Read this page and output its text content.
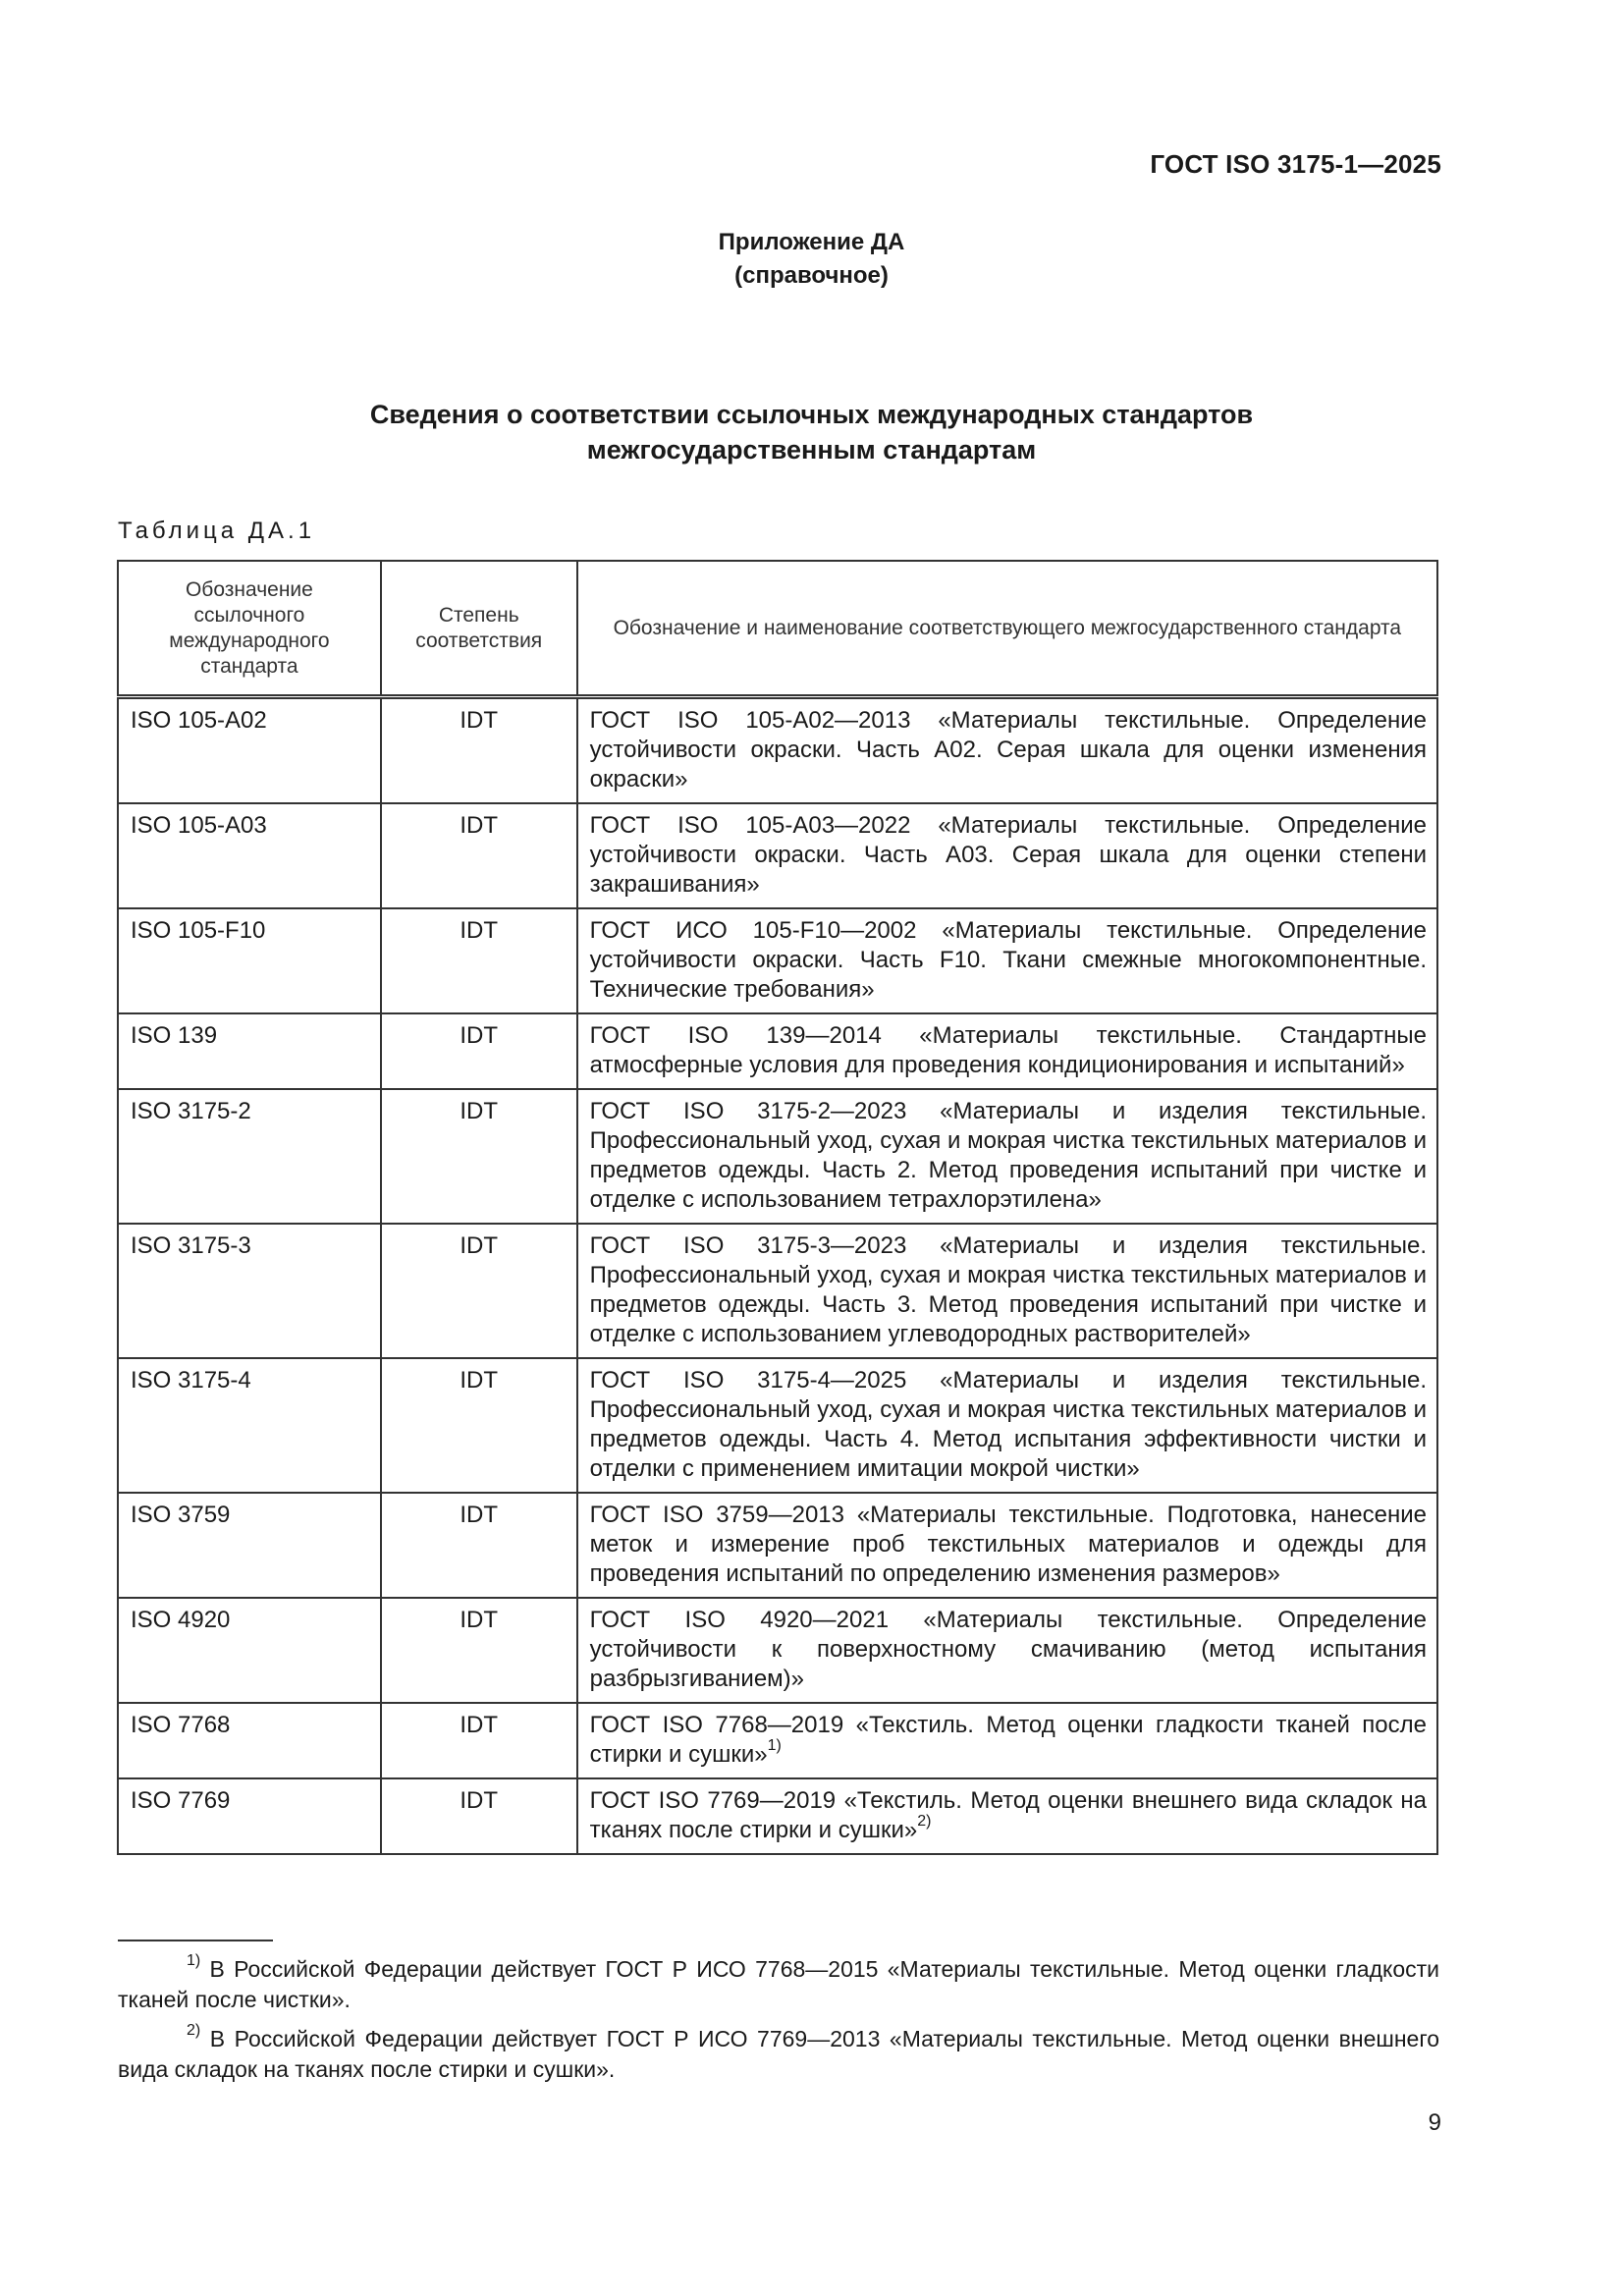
ГОСТ ISO 3175-1—2025
Приложение ДА
(справочное)
Сведения о соответствии ссылочных международных стандартов
межгосударственным стандартам
Таблица ДА.1
Обозначение ссылочного международного стандарта	Степень соответствия	Обозначение и наименование соответствующего межгосударственного стандарта

ISO 105-A02	IDT	ГОСТ ISO 105-A02—2013 «Материалы текстильные. Определение устойчивости окраски. Часть А02. Серая шкала для оценки изменения окраски»

ISO 105-A03	IDT	ГОСТ ISO 105-A03—2022 «Материалы текстильные. Определение устойчивости окраски. Часть А03. Серая шкала для оценки степени закрашивания»

ISO 105-F10	IDT	ГОСТ ИСО 105-F10—2002 «Материалы текстильные. Определение устойчивости окраски. Часть F10. Ткани смежные многокомпонентные. Технические требования»

ISO 139	IDT	ГОСТ ISO 139—2014 «Материалы текстильные. Стандартные атмосферные условия для проведения кондиционирования и испытаний»

ISO 3175-2	IDT	ГОСТ ISO 3175-2—2023 «Материалы и изделия текстильные. Профессиональный уход, сухая и мокрая чистка текстильных материалов и предметов одежды. Часть 2. Метод проведения испытаний при чистке и отделке с использованием тетрахлорэтилена»

ISO 3175-3	IDT	ГОСТ ISO 3175-3—2023 «Материалы и изделия текстильные. Профессиональный уход, сухая и мокрая чистка текстильных материалов и предметов одежды. Часть 3. Метод проведения испытаний при чистке и отделке с использованием углеводородных растворителей»

ISO 3175-4	IDT	ГОСТ ISO 3175-4—2025 «Материалы и изделия текстильные. Профессиональный уход, сухая и мокрая чистка текстильных материалов и предметов одежды. Часть 4. Метод испытания эффективности чистки и отделки с применением имитации мокрой чистки»

ISO 3759	IDT	ГОСТ ISO 3759—2013 «Материалы текстильные. Подготовка, нанесение меток и измерение проб текстильных материалов и одежды для проведения испытаний по определению изменения размеров»

ISO 4920	IDT	ГОСТ ISO 4920—2021 «Материалы текстильные. Определение устойчивости к поверхностному смачиванию (метод испытания разбрызгиванием)»

ISO 7768	IDT	ГОСТ ISO 7768—2019 «Текстиль. Метод оценки гладкости тканей после стирки и сушки»$^{1)}$

ISO 7769	IDT	ГОСТ ISO 7769—2019 «Текстиль. Метод оценки внешнего вида складок на тканях после стирки и сушки»$^{2)}$
$^{1)}$ В Российской Федерации действует ГОСТ Р ИСО 7768—2015 «Материалы текстильные. Метод оценки гладкости тканей после чистки».
$^{2)}$ В Российской Федерации действует ГОСТ Р ИСО 7769—2013 «Материалы текстильные. Метод оценки внешнего вида складок на тканях после стирки и сушки».
9
